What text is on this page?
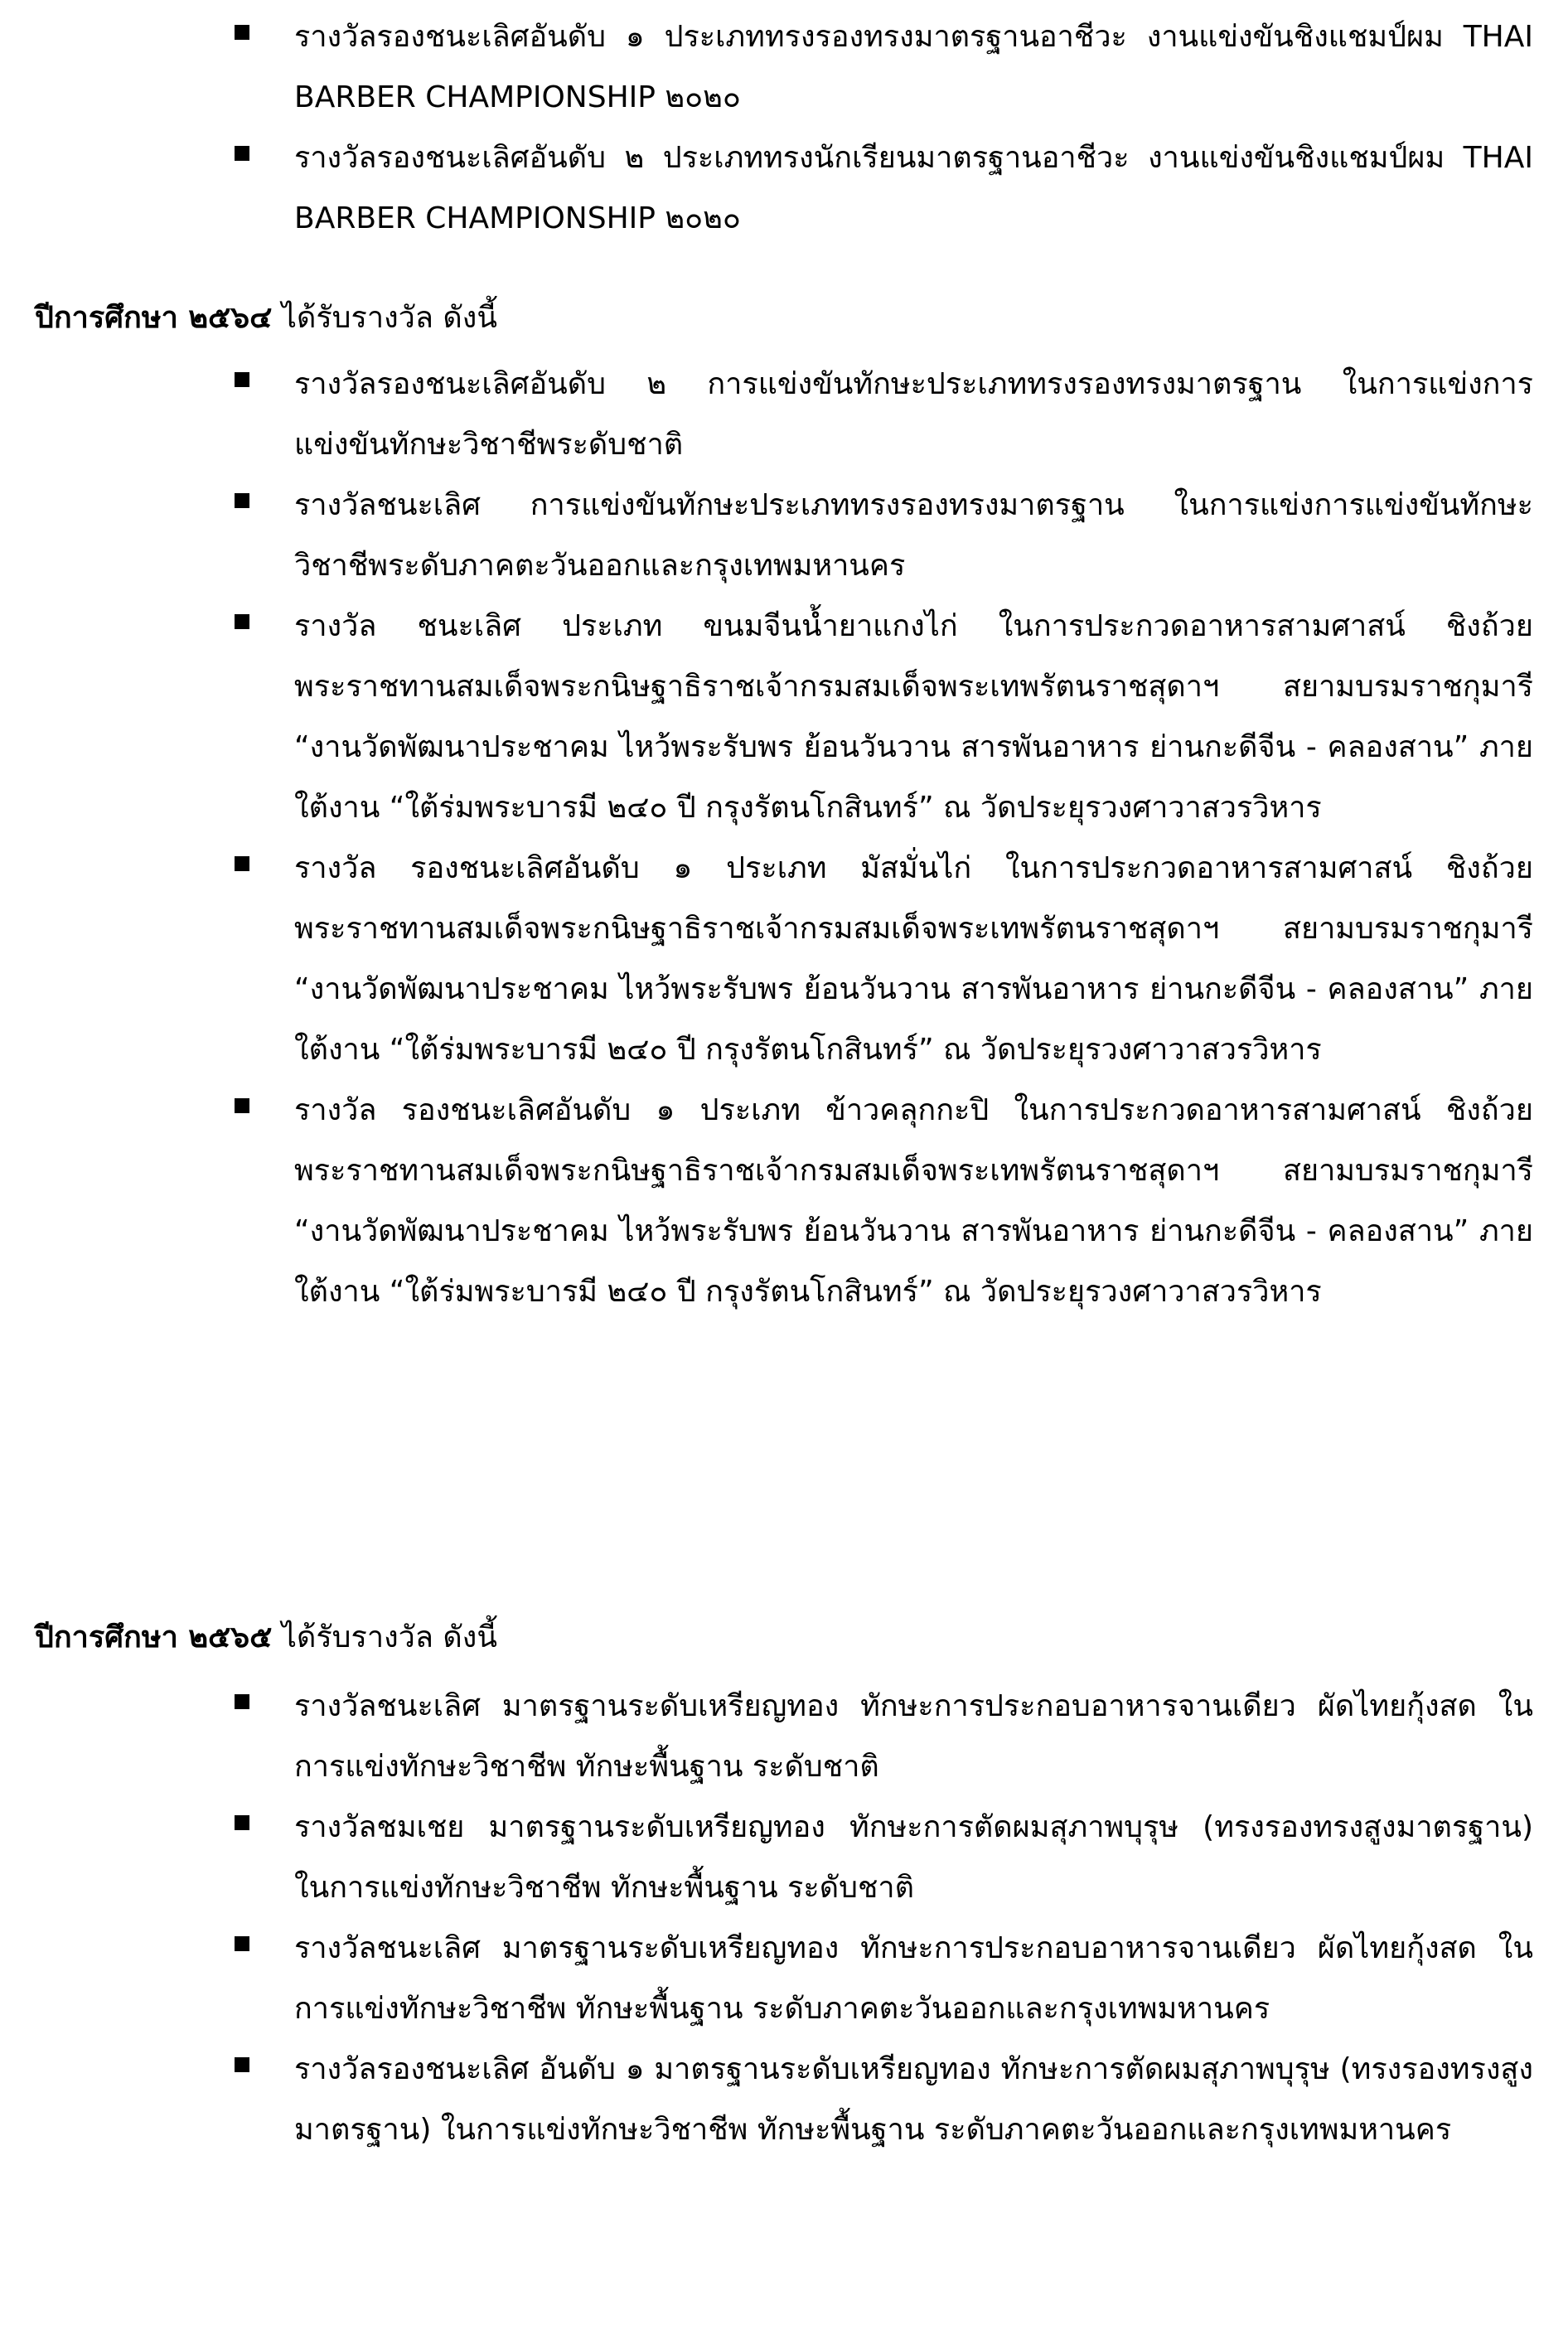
รางวัลรองชนะเลิศอันดับ ๑ ประเภททรงรองทรงมาตรฐานอาชีวะ งานแข่งขันชิงแชมป์ผม THAI BARBER CHAMPIONSHIP ๒๐๒๐
รางวัลรองชนะเลิศอันดับ ๒ ประเภททรงนักเรียนมาตรฐานอาชีวะ งานแข่งขันชิงแชมป์ผม THAI BARBER CHAMPIONSHIP ๒๐๒๐

ปีการศึกษา ๒๕๖๔ ได้รับรางวัล ดังนี้

รางวัลรองชนะเลิศอันดับ ๒ การแข่งขันทักษะประเภททรงรองทรงมาตรฐาน ในการแข่งการแข่งขันทักษะวิชาชีพระดับชาติ
รางวัลชนะเลิศ การแข่งขันทักษะประเภททรงรองทรงมาตรฐาน ในการแข่งการแข่งขันทักษะวิชาชีพระดับภาคตะวันออกและกรุงเทพมหานคร
รางวัล ชนะเลิศ ประเภท ขนมจีนน้ำยาแกงไก่ ในการประกวดอาหารสามศาสน์ ชิงถ้วยพระราชทานสมเด็จพระกนิษฐาธิราชเจ้ากรมสมเด็จพระเทพรัตนราชสุดาฯ สยามบรมราชกุมารี “งานวัดพัฒนาประชาคม ไหว้พระรับพร ย้อนวันวาน สารพันอาหาร ย่านกะดีจีน - คลองสาน” ภายใต้งาน “ใต้ร่มพระบารมี ๒๔๐ ปี กรุงรัตนโกสินทร์” ณ วัดประยุรวงศาวาสวรวิหาร
รางวัล รองชนะเลิศอันดับ ๑ ประเภท มัสมั่นไก่ ในการประกวดอาหารสามศาสน์ ชิงถ้วยพระราชทานสมเด็จพระกนิษฐาธิราชเจ้ากรมสมเด็จพระเทพรัตนราชสุดาฯ สยามบรมราชกุมารี “งานวัดพัฒนาประชาคม ไหว้พระรับพร ย้อนวันวาน สารพันอาหาร ย่านกะดีจีน - คลองสาน” ภายใต้งาน “ใต้ร่มพระบารมี ๒๔๐ ปี กรุงรัตนโกสินทร์” ณ วัดประยุรวงศาวาสวรวิหาร
รางวัล รองชนะเลิศอันดับ ๑ ประเภท ข้าวคลุกกะปิ ในการประกวดอาหารสามศาสน์ ชิงถ้วยพระราชทานสมเด็จพระกนิษฐาธิราชเจ้ากรมสมเด็จพระเทพรัตนราชสุดาฯ สยามบรมราชกุมารี “งานวัดพัฒนาประชาคม ไหว้พระรับพร ย้อนวันวาน สารพันอาหาร ย่านกะดีจีน - คลองสาน” ภายใต้งาน “ใต้ร่มพระบารมี ๒๔๐ ปี กรุงรัตนโกสินทร์” ณ วัดประยุรวงศาวาสวรวิหาร

ปีการศึกษา ๒๕๖๕ ได้รับรางวัล ดังนี้

รางวัลชนะเลิศ มาตรฐานระดับเหรียญทอง ทักษะการประกอบอาหารจานเดียว ผัดไทยกุ้งสด ในการแข่งทักษะวิชาชีพ ทักษะพื้นฐาน ระดับชาติ
รางวัลชมเชย มาตรฐานระดับเหรียญทอง ทักษะการตัดผมสุภาพบุรุษ (ทรงรองทรงสูงมาตรฐาน) ในการแข่งทักษะวิชาชีพ ทักษะพื้นฐาน ระดับชาติ
รางวัลชนะเลิศ มาตรฐานระดับเหรียญทอง ทักษะการประกอบอาหารจานเดียว ผัดไทยกุ้งสด ในการแข่งทักษะวิชาชีพ ทักษะพื้นฐาน ระดับภาคตะวันออกและกรุงเทพมหานคร
รางวัลรองชนะเลิศ อันดับ ๑ มาตรฐานระดับเหรียญทอง ทักษะการตัดผมสุภาพบุรุษ (ทรงรองทรงสูงมาตรฐาน) ในการแข่งทักษะวิชาชีพ ทักษะพื้นฐาน ระดับภาคตะวันออกและกรุงเทพมหานคร
